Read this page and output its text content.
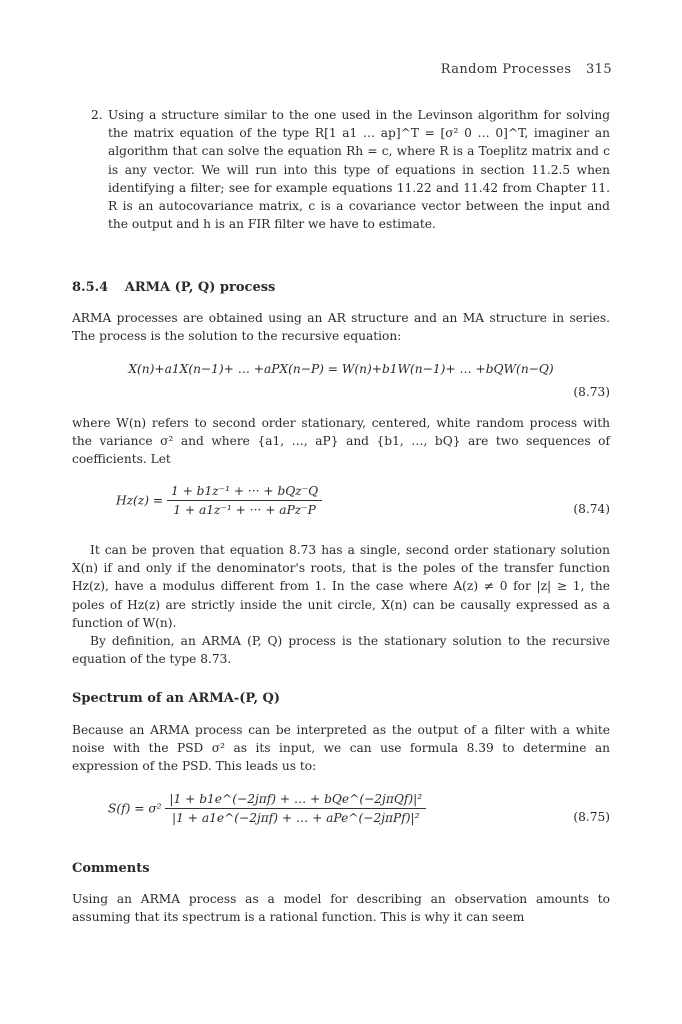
Random Processes 315
2. Using a structure similar to the one used in the Levinson algorithm for solving the matrix equation of the type R[1 a1 … ap]^T = [σ² 0 … 0]^T, imaginer an algorithm that can solve the equation Rh = c, where R is a Toeplitz matrix and c is any vector. We will run into this type of equations in section 11.2.5 when identifying a filter; see for example equations 11.22 and 11.42 from Chapter 11. R is an autocovariance matrix, c is a covariance vector between the input and the output and h is an FIR filter we have to estimate.
8.5.4 ARMA (P, Q) process

ARMA processes are obtained using an AR structure and an MA structure in series. The process is the solution to the recursive equation:

X(n)+a1X(n−1)+ … +aPX(n−P) = W(n)+b1W(n−1)+ … +bQW(n−Q)
(8.73)

where W(n) refers to second order stationary, centered, white random process with the variance σ² and where {a1, …, aP} and {b1, …, bQ} are two sequences of coefficients. Let

$Hz(z) = \frac{\text{1 + b1z⁻¹ + ··· + bQz⁻Q}}{\text{1 + a1z⁻¹ + ··· + aPz⁻P}}$	(8.74)

It can be proven that equation 8.73 has a single, second order stationary solution X(n) if and only if the denominator's roots, that is the poles of the transfer function Hz(z), have a modulus different from 1. In the case where A(z) ≠ 0 for |z| ≥ 1, the poles of Hz(z) are strictly inside the unit circle, X(n) can be causally expressed as a function of W(n).

By definition, an ARMA (P, Q) process is the stationary solution to the recursive equation of the type 8.73.

Spectrum of an ARMA-(P, Q)

Because an ARMA process can be interpreted as the output of a filter with a white noise with the PSD σ² as its input, we can use formula 8.39 to determine an expression of the PSD. This leads us to:

$S(f) = \sigma^2 \frac{\text{|1 + b1e\textasciicircum{}(−2jπf) + … + bQe\textasciicircum{}(−2jπQf)|²}}{\text{|1 + a1e\textasciicircum{}(−2jπf) + … + aPe\textasciicircum{}(−2jπPf)|²}}$	(8.75)
Comments

Using an ARMA process as a model for describing an observation amounts to assuming that its spectrum is a rational function. This is why it can seem
